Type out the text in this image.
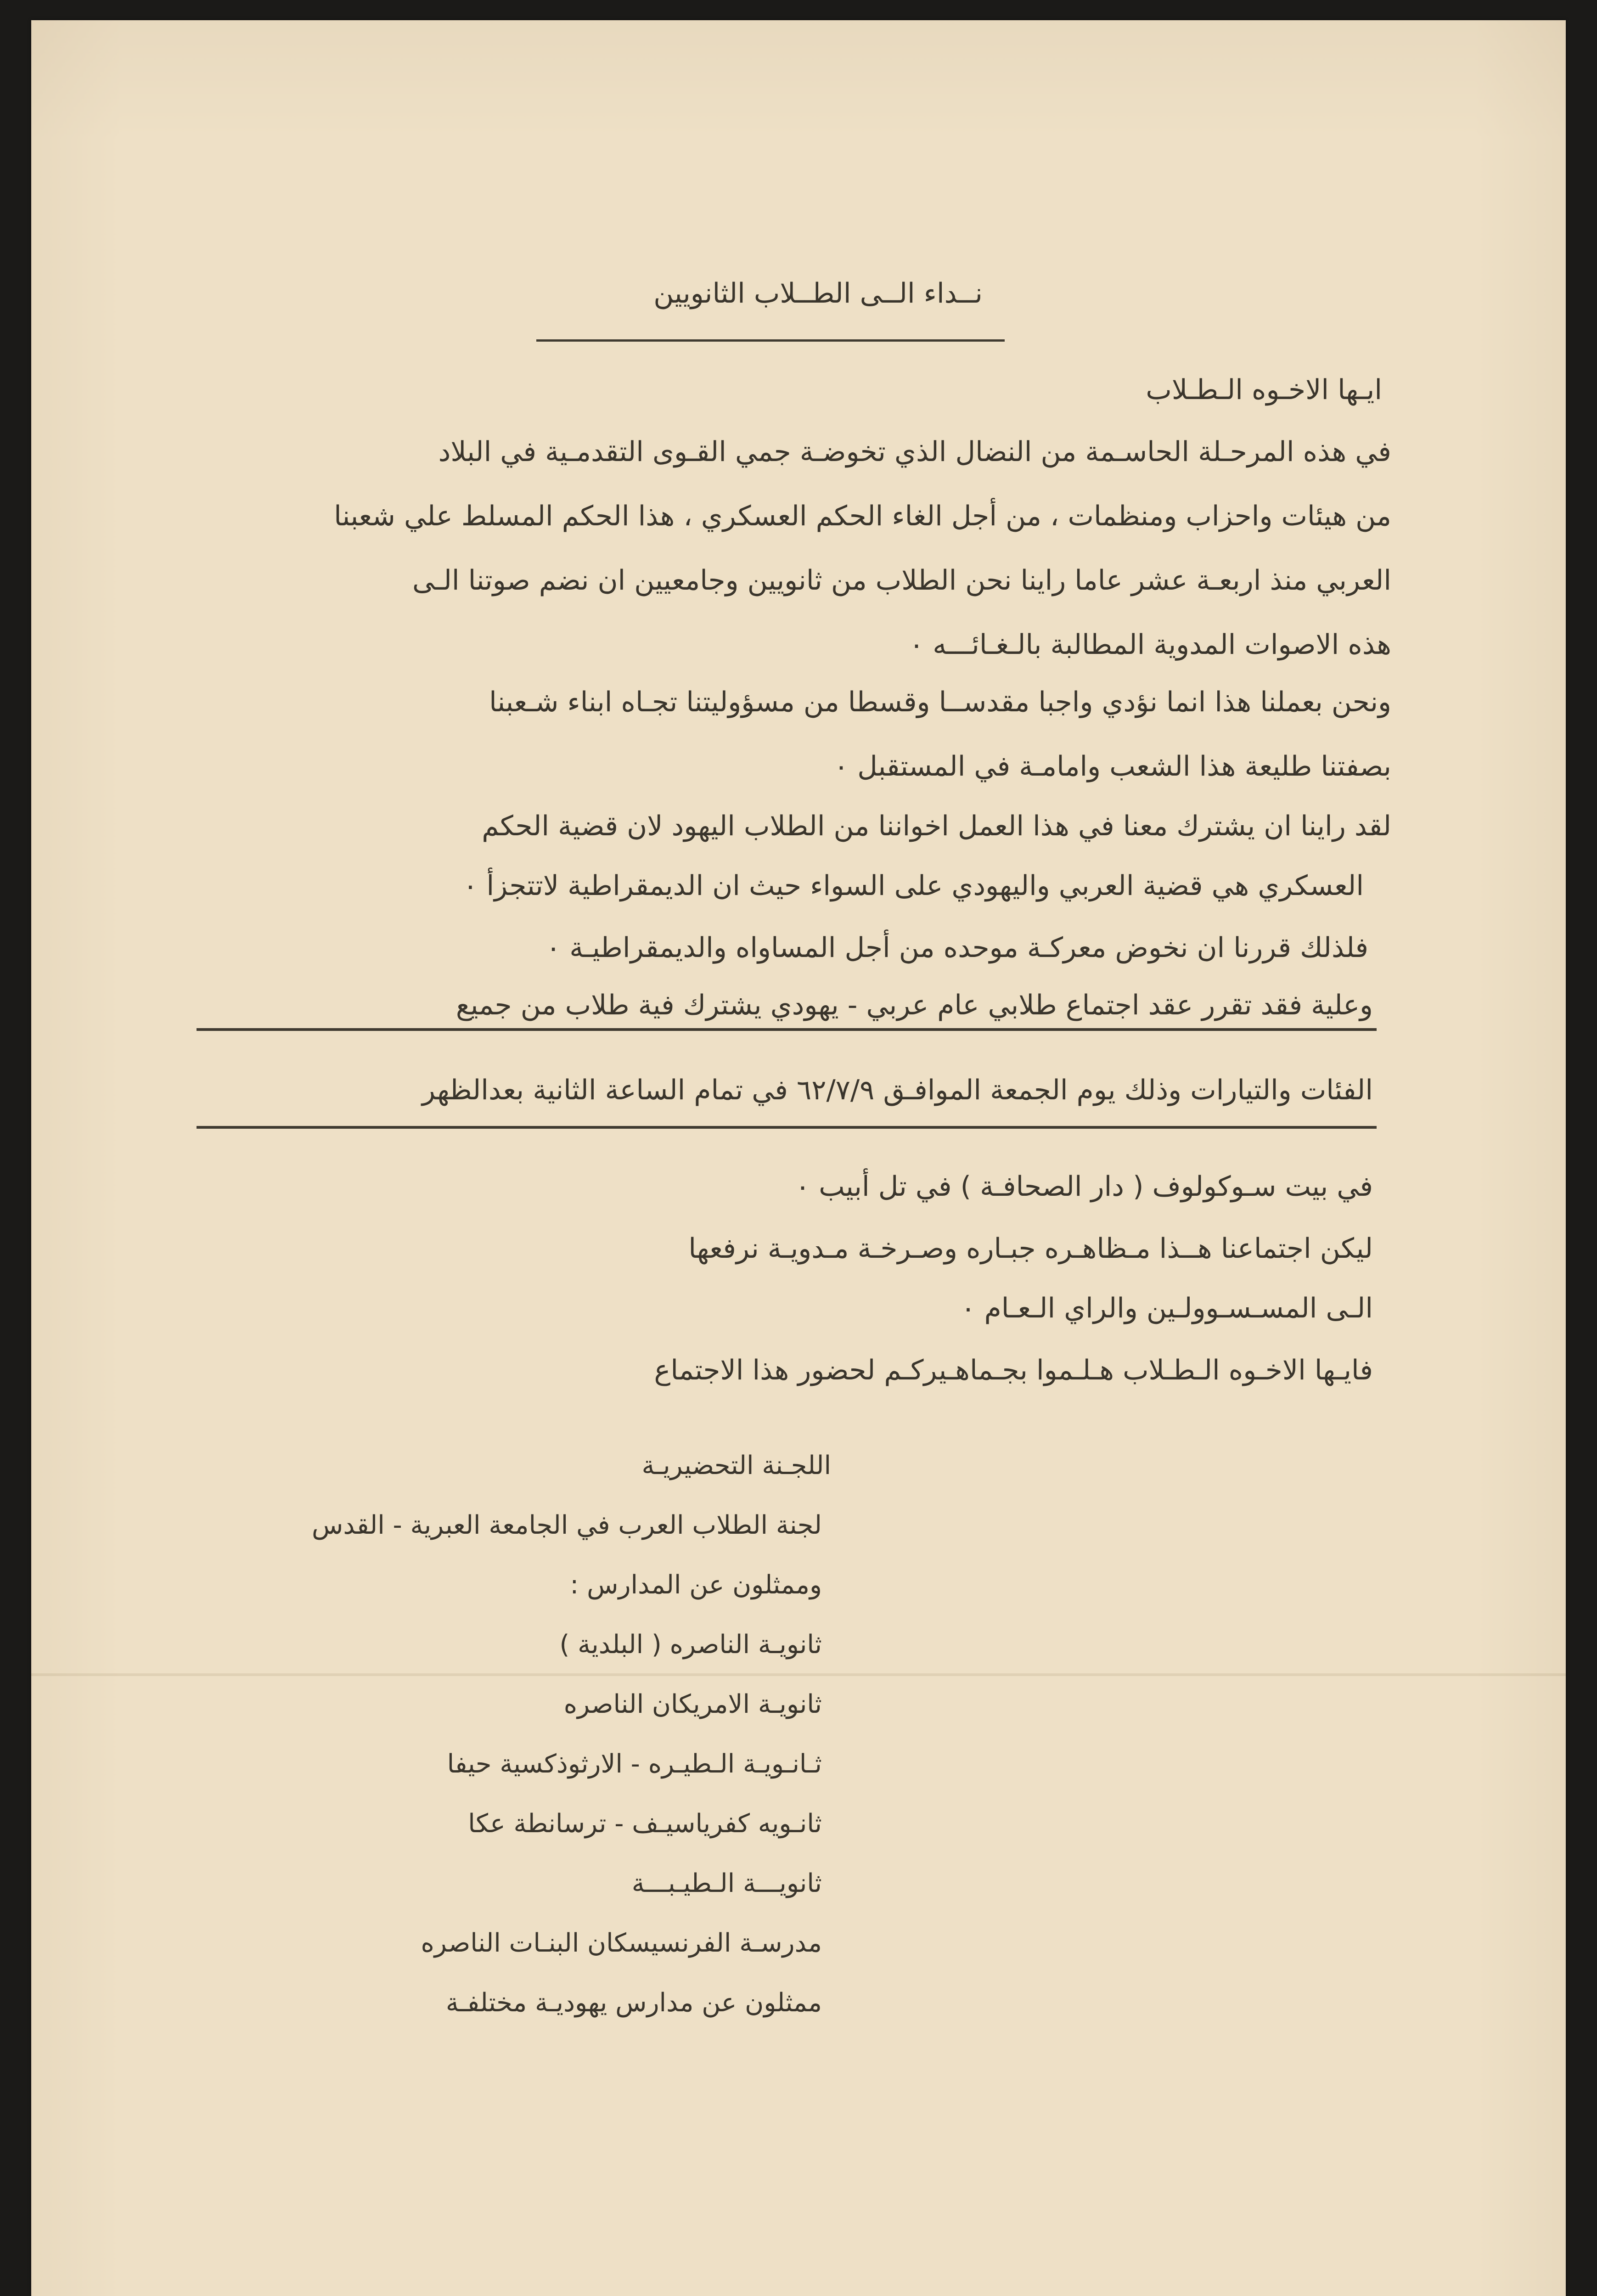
نــداء الــى الطــلاب الثانويين
ايـها الاخـوه الـطـلاب
في هذه المرحـلة الحاسـمة من النضال الذي تخوضـة جمي القـوى التقدمـية في البلاد
من هيئات واحزاب ومنظمات ، من أجل الغاء الحكم العسكري ، هذا الحكم المسلط علي شعبنا
العربي منذ اربعـة عشر عاما راينا نحن الطلاب من ثانويين وجامعيين ان نضم صوتنا الـى
هذه الاصوات المدوية المطالبة بالـغـائـــه ٠
ونحن بعملنا هذا انما نؤدي واجبا مقدســا وقسطا من مسؤوليتنا تجـاه ابناء شـعبنا
بصفتنا طليعة هذا الشعب وامامـة في المستقبل ٠
لقد راينا ان يشترك معنا في هذا العمل اخواننا من الطلاب اليهود لان قضية الحكم
العسكري هي قضية العربي واليهودي على السواء حيث ان الديمقراطية لاتتجزأ ٠
فلذلك قررنا ان نخوض معركـة موحده من أجل المساواه والديمقراطيـة ٠
وعلية فقد تقرر عقد اجتماع طلابي عام عربي - يهودي يشترك فية طلاب من جميع
الفئات والتيارات وذلك يوم الجمعة الموافـق ٦٢/٧/٩ في تمام الساعة الثانية بعدالظهر
في بيت سـوكولوف ( دار الصحافـة ) في تل أبيب ٠
ليكن اجتماعنا هــذا مـظاهـره جبـاره وصـرخـة مـدويـة نرفعها
الـى المسـسـوولـين والراي الـعـام ٠
فايـها الاخـوه الـطـلاب هـلـموا بجـماهـيركـم لحضور هذا الاجتماع
اللجـنة التحضيريـة
لجنة الطلاب العرب في الجامعة العبرية - القدس
وممثلون عن المدارس :
ثانويـة الناصره ( البلدية )
ثانويـة الامريكان الناصره
ثـانـويـة الـطيـره - الارثوذكسية حيفا
ثانـويه كفرياسيـف - ترسانطة عكا
ثانويـــة الـطيـبـــة
مدرسـة الفرنسيسكان البنـات الناصره
ممثلون عن مدارس يهوديـة مختلفـة
